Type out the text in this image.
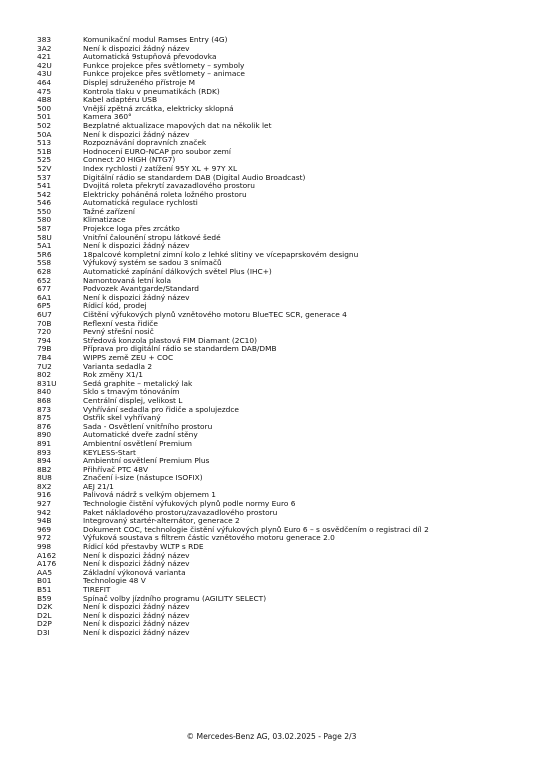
383	Komunikační modul Ramses Entry (4G)
3A2	Není k dispozici žádný název
421	Automatická 9stupňová převodovka
42U	Funkce projekce přes světlomety – symboly
43U	Funkce projekce přes světlomety – animace
464	Displej sdruženého přístroje M
475	Kontrola tlaku v pneumatikách (RDK)
4B8	Kabel adaptéru USB
500	Vnější zpětná zrcátka, elektricky sklopná
501	Kamera 360°
502	Bezplatné aktualizace mapových dat na několik let
50A	Není k dispozici žádný název
513	Rozpoznávání dopravních značek
51B	Hodnocení EURO-NCAP pro soubor zemí
525	Connect 20 HIGH (NTG7)
52V	Index rychlosti / zatížení 95Y XL + 97Y XL
537	Digitální rádio se standardem DAB (Digital Audio Broadcast)
541	Dvojitá roleta překrytí zavazadlového prostoru
542	Elektricky poháněná roleta ložného prostoru
546	Automatická regulace rychlosti
550	Tažné zařízení
580	Klimatizace
587	Projekce loga přes zrcátko
58U	Vnitřní čalounění stropu látkové šedé
5A1	Není k dispozici žádný název
5R6	18palcové kompletní zimní kolo z lehké slitiny ve vícepaprskovém designu
5S8	Výfukový systém se sadou 3 snímačů
628	Automatické zapínání dálkových světel Plus (IHC+)
652	Namontovaná letní kola
677	Podvozek Avantgarde/Standard
6A1	Není k dispozici žádný název
6P5	Řídicí kód, prodej
6U7	Čištění výfukových plynů vznětového motoru BlueTEC SCR, generace 4
70B	Reflexní vesta řidiče
720	Pevný střešní nosič
794	Středová konzola plastová FIM Diamant (2C10)
79B	Příprava pro digitální rádio se standardem DAB/DMB
7B4	WIPPS země ZEU + COC
7U2	Varianta sedadla 2
802	Rok změny X1/1
831U	Šedá graphite – metalický lak
840	Sklo s tmavým tónováním
868	Centrální displej, velikost L
873	Vyhřívání sedadla pro řidiče a spolujezdce
875	Ostřik skel vyhřívaný
876	Sada - Osvětlení vnitřního prostoru
890	Automatické dveře zadní stěny
891	Ambientní osvětlení Premium
893	KEYLESS-Start
894	Ambientní osvětlení Premium Plus
8B2	Přihřívač PTC 48V
8U8	Značení i-size (nástupce ISOFIX)
8X2	AEJ 21/1
916	Palivová nádrž s velkým objemem 1
927	Technologie čistění výfukových plynů podle normy Euro 6
942	Paket nákladového prostoru/zavazadlového prostoru
94B	Integrovaný startér-alternátor, generace 2
969	Dokument COC, technologie čistění výfukových plynů Euro 6 – s osvědčením o registraci díl 2
972	Výfuková soustava s filtrem částic vznětového motoru generace 2.0
998	Řídicí kód přestavby WLTP s RDE
A162	Není k dispozici žádný název
A176	Není k dispozici žádný název
AA5	Základní výkonová varianta
B01	Technologie 48 V
B51	TIREFIT
B59	Spínač volby jízdního programu (AGILITY SELECT)
D2K	Není k dispozici žádný název
D2L	Není k dispozici žádný název
D2P	Není k dispozici žádný název
D3I	Není k dispozici žádný název
© Mercedes-Benz AG, 03.02.2025 - Page 2/3
